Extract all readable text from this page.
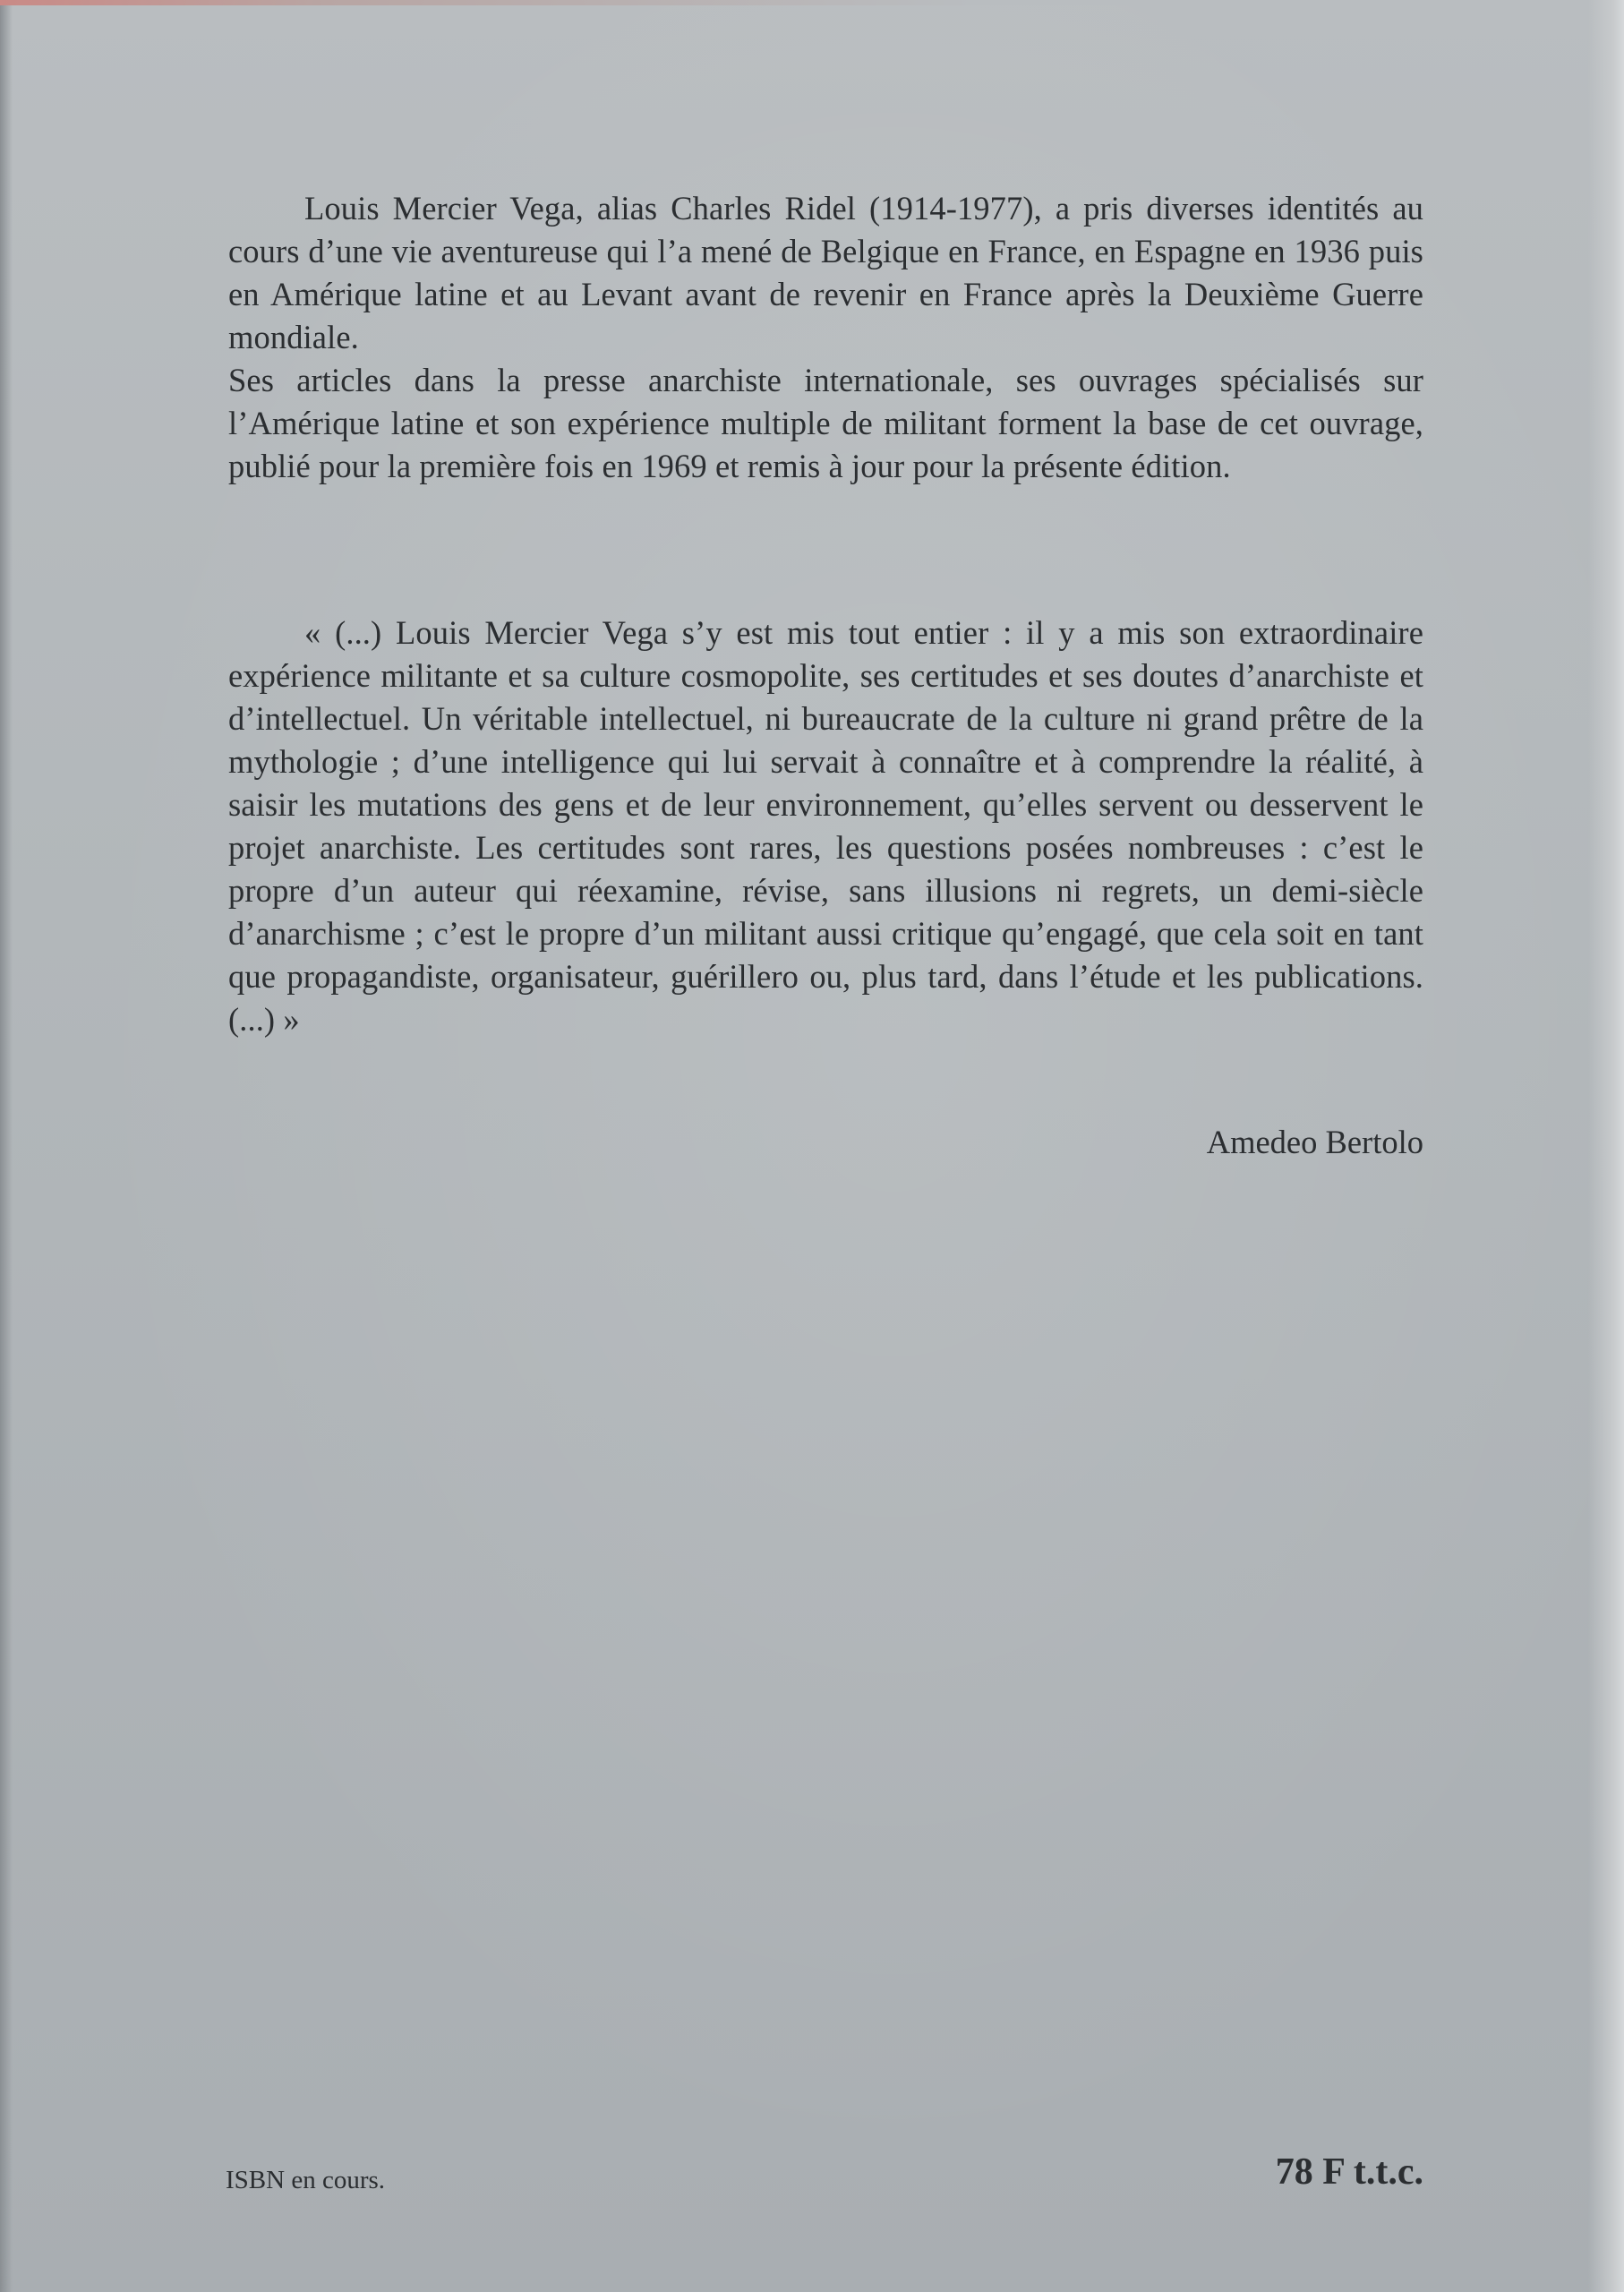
Louis Mercier Vega, alias Charles Ridel (1914-1977), a pris diverses identités au cours d’une vie aventureuse qui l’a mené de Belgique en France, en Espagne en 1936 puis en Amérique latine et au Levant avant de revenir en France après la Deuxième Guerre mondiale.

Ses articles dans la presse anarchiste internationale, ses ouvrages spécialisés sur l’Amérique latine et son expérience multiple de militant forment la base de cet ouvrage, publié pour la première fois en 1969 et remis à jour pour la présente édition.

« (...) Louis Mercier Vega s’y est mis tout entier : il y a mis son extraordinaire expérience militante et sa culture cosmopolite, ses certitudes et ses doutes d’anarchiste et d’intellectuel. Un véritable intellectuel, ni bureaucrate de la culture ni grand prêtre de la mythologie ; d’une intelligence qui lui servait à connaître et à comprendre la réalité, à saisir les mutations des gens et de leur environnement, qu’elles servent ou desservent le projet anarchiste. Les certitudes sont rares, les questions posées nombreuses : c’est le propre d’un auteur qui réexamine, révise, sans illusions ni regrets, un demi-siècle d’anarchisme ; c’est le propre d’un militant aussi critique qu’engagé, que cela soit en tant que propagandiste, organisateur, guérillero ou, plus tard, dans l’étude et les publications. (...) »

Amedeo Bertolo
ISBN en cours.	78 F t.t.c.
